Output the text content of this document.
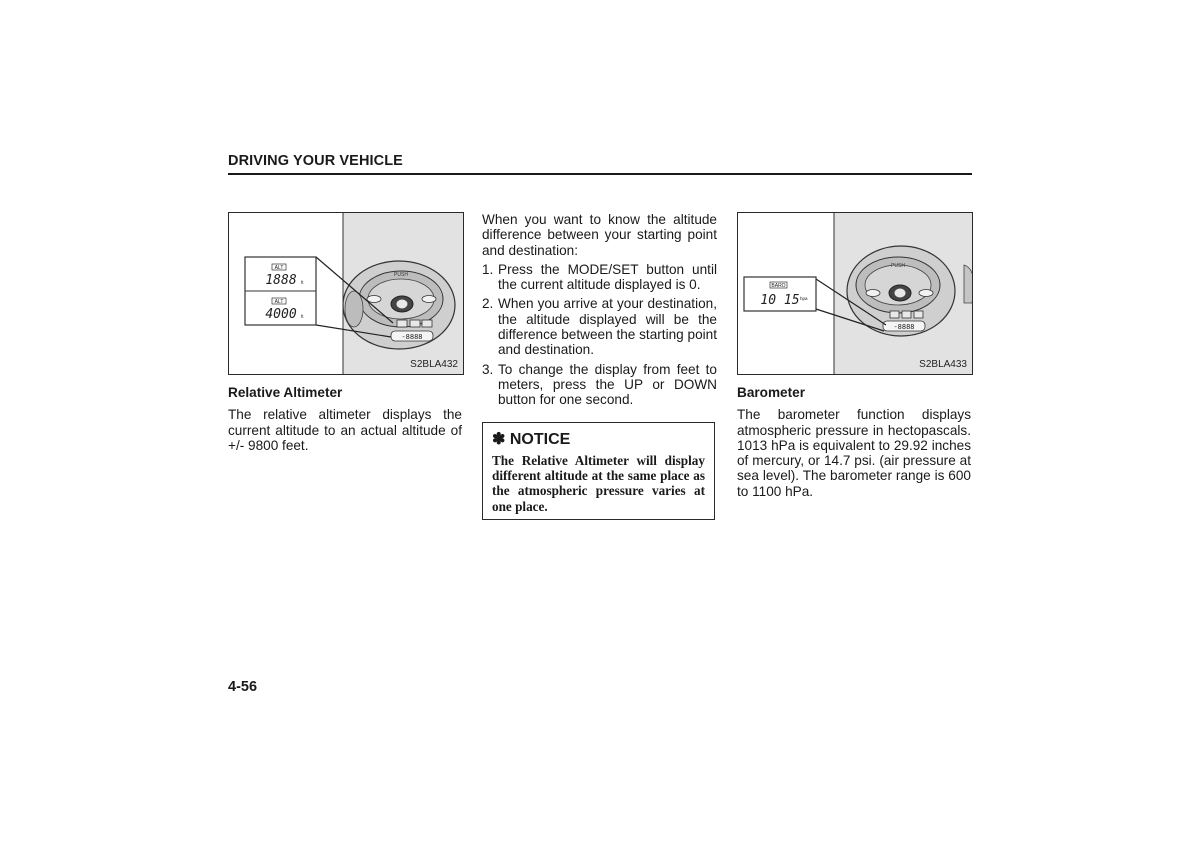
DRIVING YOUR VEHICLE
PUSH
-8888
ALT
1888 ft
ALT
4000 ft
S2BLA432

Relative Altimeter

The relative altimeter displays the current altitude to an actual altitude of +/- 9800 feet.

When you want to know the altitude difference between your starting point and destination:

1. Press the MODE/SET button until the current altitude displayed is 0.
2. When you arrive at your destination, the altitude displayed will be the difference between the starting point and destination.
3. To change the display from feet to meters, press the UP or DOWN button for one second.
✽ NOTICE
The Relative Altimeter will display different altitude at the same place as the atmospheric pressure varies at one place.
PUSH
-8888
BARO
10 15 hpa
S2BLA433

Barometer

The barometer function displays atmospheric pressure in hectopascals. 1013 hPa is equivalent to 29.92 inches of mercury, or 14.7 psi. (air pressure at sea level). The barometer range is 600 to 1100 hPa.

4-56
